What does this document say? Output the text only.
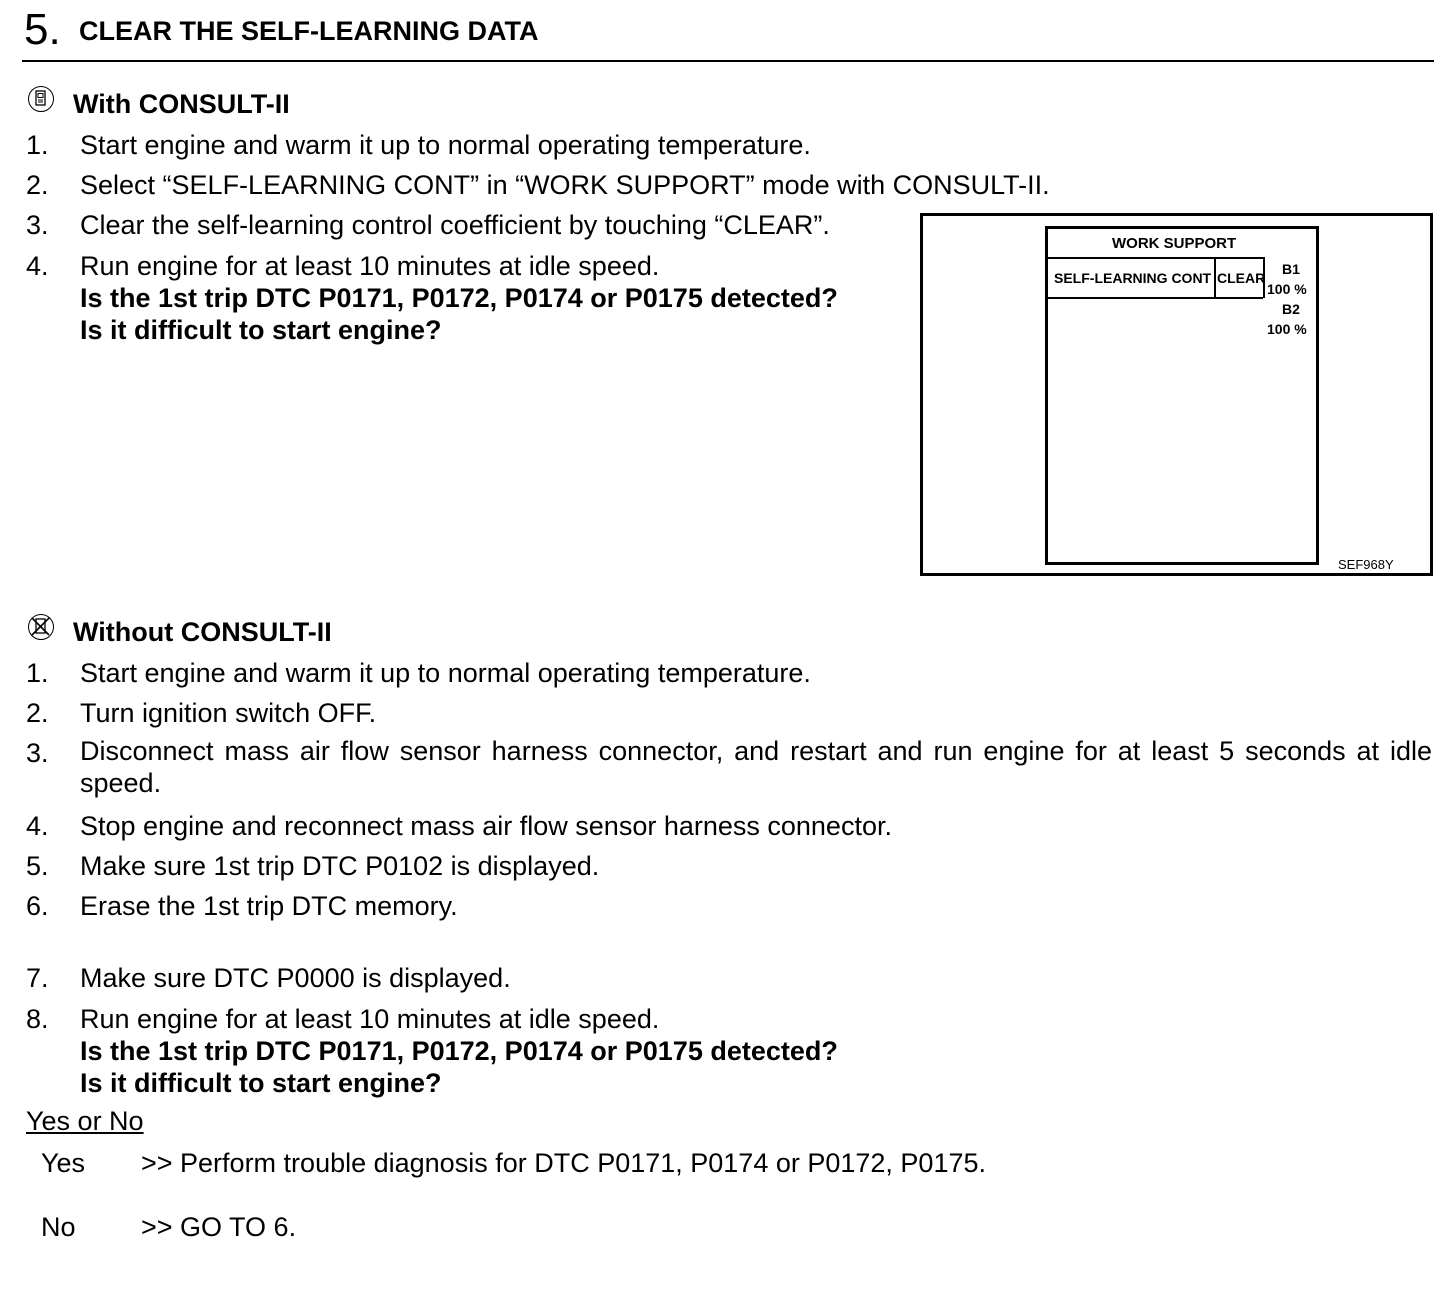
5. CLEAR THE SELF-LEARNING DATA
With CONSULT-II
1. Start engine and warm it up to normal operating temperature.
2. Select “SELF-LEARNING CONT” in “WORK SUPPORT” mode with CONSULT-II.
3. Clear the self-learning control coefficient by touching “CLEAR”.
4. Run engine for at least 10 minutes at idle speed.
Is the 1st trip DTC P0171, P0172, P0174 or P0175 detected?
Is it difficult to start engine?
WORK SUPPORT
SELF-LEARNING CONT CLEAR
B1
100 %
B2
100 %
SEF968Y
Without CONSULT-II
1. Start engine and warm it up to normal operating temperature.
2. Turn ignition switch OFF.
3. Disconnect mass air flow sensor harness connector, and restart and run engine for at least 5 seconds at idle speed.
4. Stop engine and reconnect mass air flow sensor harness connector.
5. Make sure 1st trip DTC P0102 is displayed.
6. Erase the 1st trip DTC memory.
7. Make sure DTC P0000 is displayed.
8. Run engine for at least 10 minutes at idle speed.
Is the 1st trip DTC P0171, P0172, P0174 or P0175 detected?
Is it difficult to start engine?
Yes or No
Yes >> Perform trouble diagnosis for DTC P0171, P0174 or P0172, P0175.
No >> GO TO 6.
